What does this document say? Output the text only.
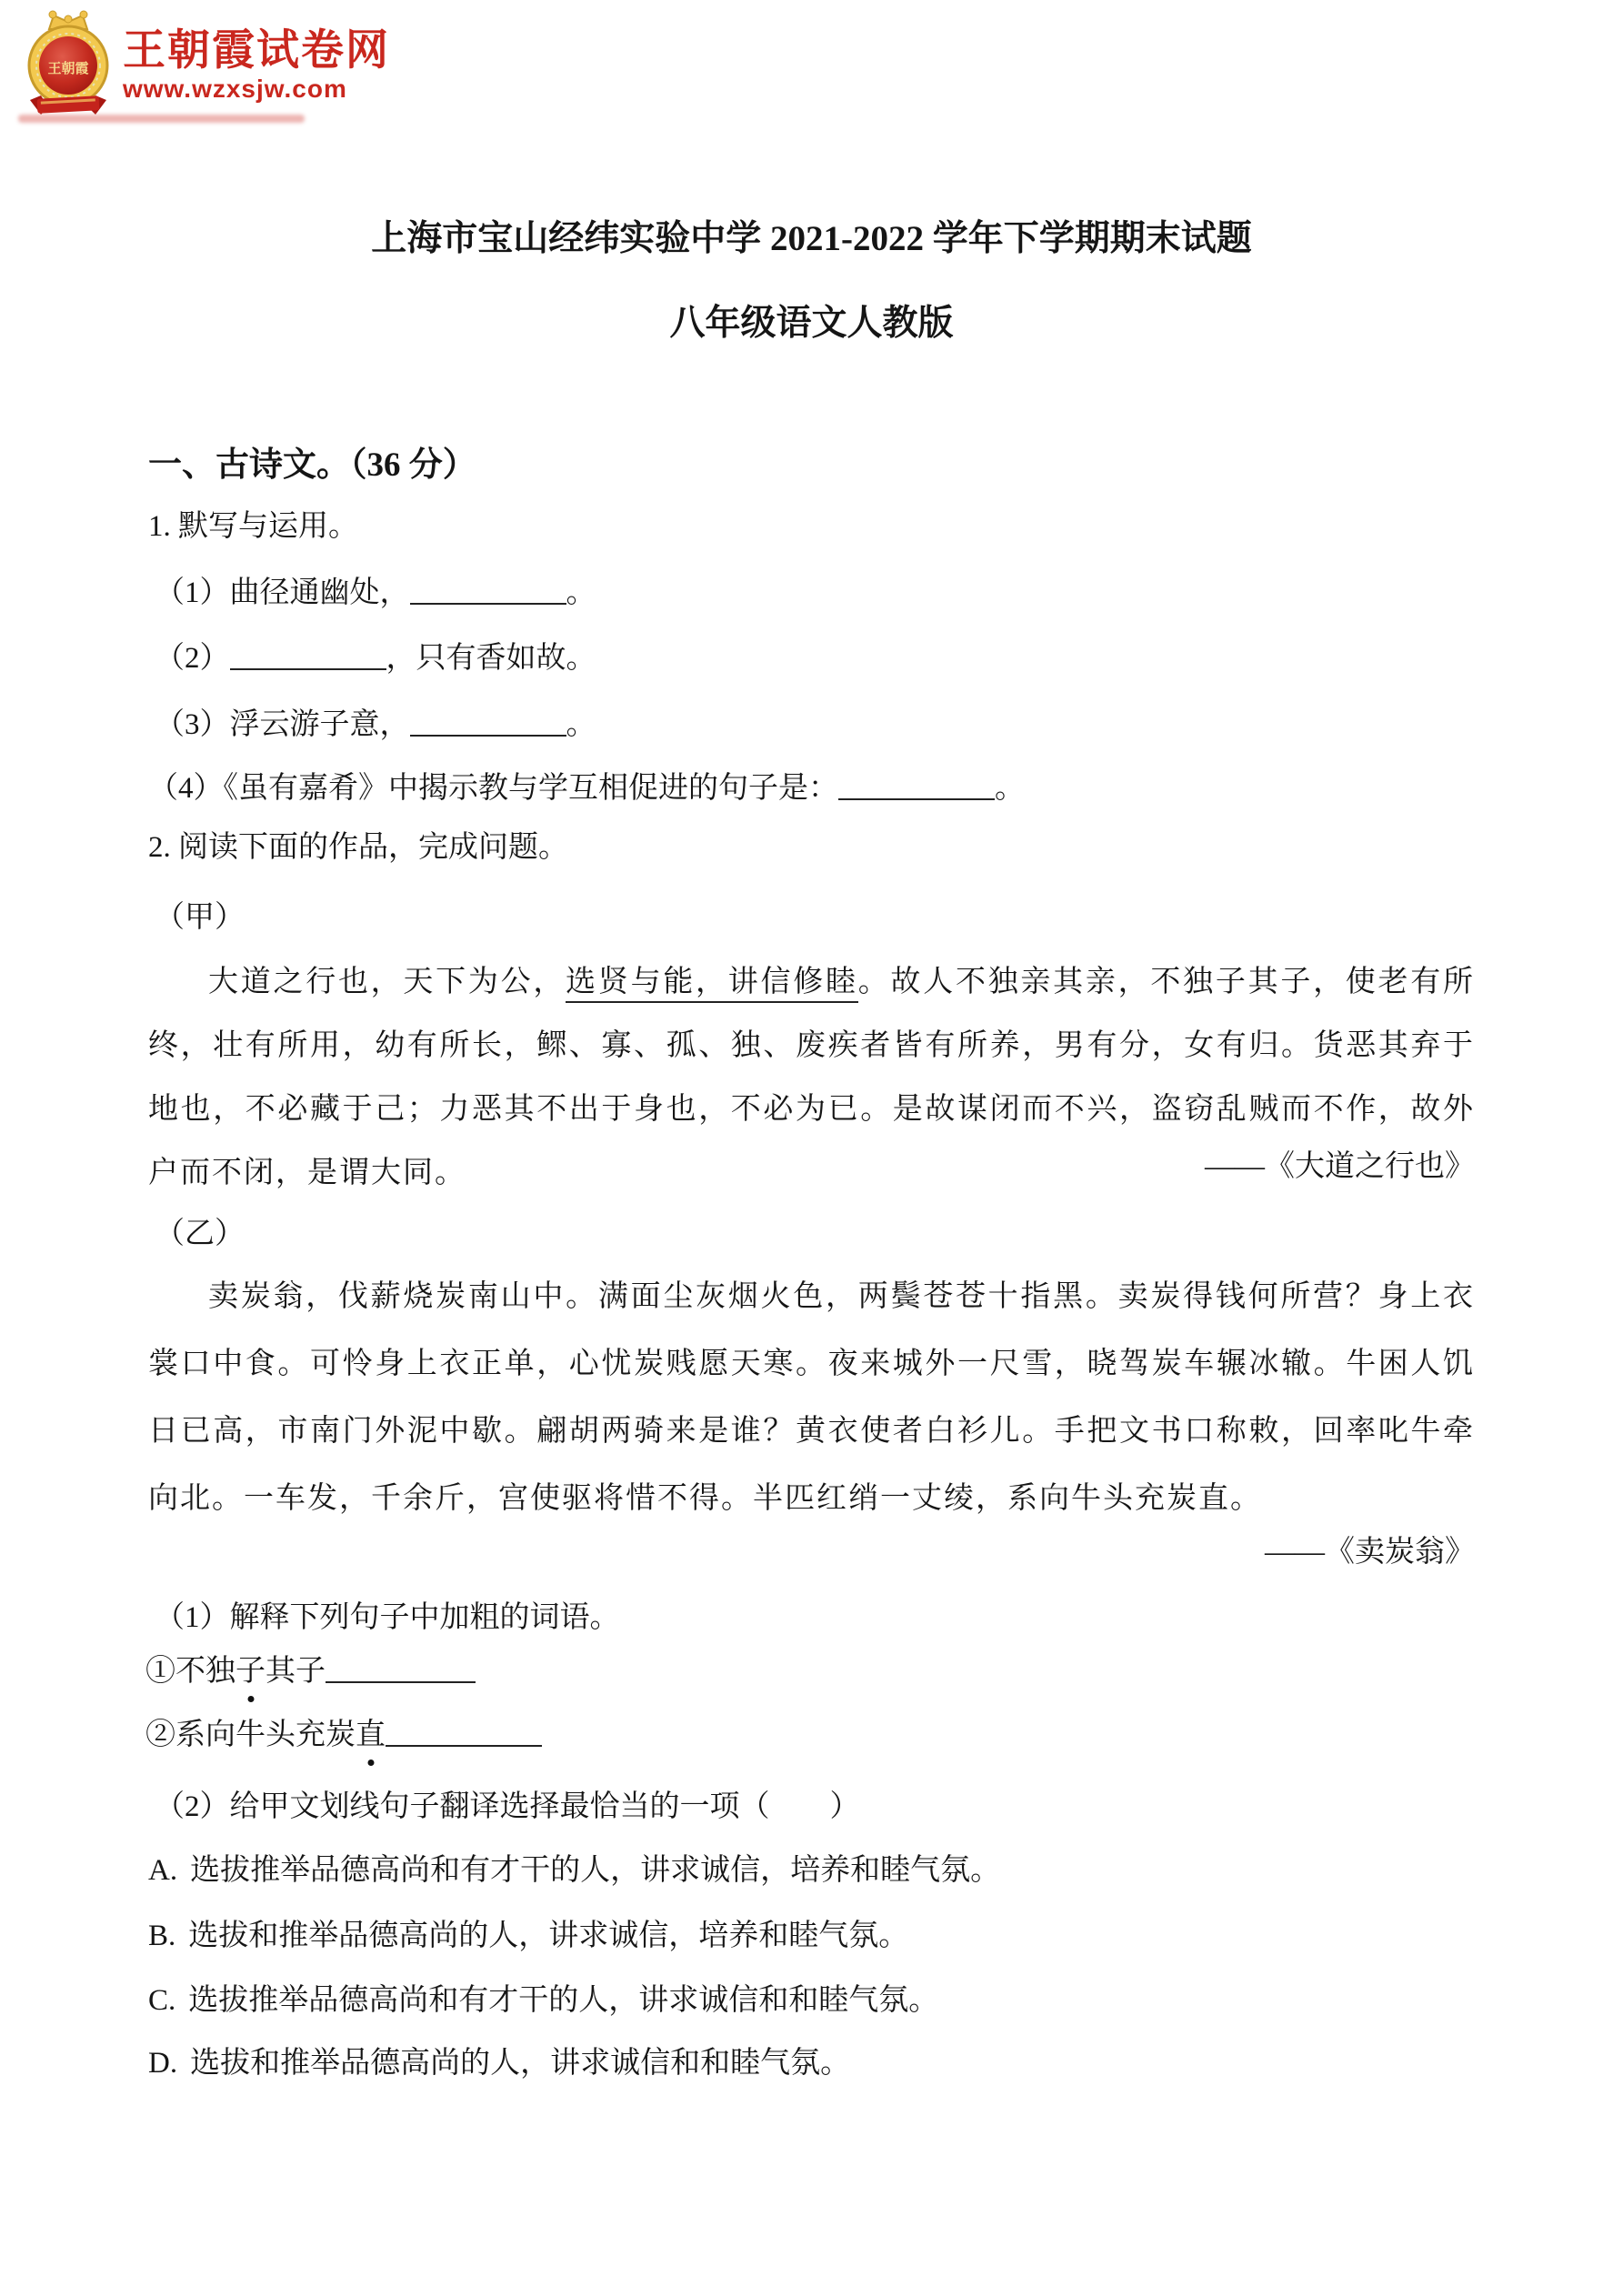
王朝霞 王朝霞试卷网
www.wzxsjw.com
上海市宝山经纬实验中学 2021-2022 学年下学期期末试题
八年级语文人教版
一、古诗文。（36 分）
1. 默写与运用。
（1）曲径通幽处，	。
（2）	，只有香如故。
（3）浮云游子意，	。
（4）《虽有嘉肴》中揭示教与学互相促进的句子是：	。
2. 阅读下面的作品，完成问题。
（甲）
大道之行也，天下为公，选贤与能，讲信修睦。故人不独亲其亲，不独子其子，使老有所终，壮有所用，幼有所长，鳏、寡、孤、独、废疾者皆有所养，男有分，女有归。货恶其弃于地也，不必藏于己；力恶其不出于身也，不必为已。是故谋闭而不兴，盗窃乱贼而不作，故外户而不闭，是谓大同。	——《大道之行也》
（乙）
卖炭翁，伐薪烧炭南山中。满面尘灰烟火色，两鬓苍苍十指黑。卖炭得钱何所营？身上衣裳口中食。可怜身上衣正单，心忧炭贱愿天寒。夜来城外一尺雪，晓驾炭车辗冰辙。牛困人饥日已高，市南门外泥中歇。翩胡两骑来是谁？黄衣使者白衫儿。手把文书口称敕，回率叱牛牵向北。一车发，千余斤，宫使驱将惜不得。半匹红绡一丈绫，系向牛头充炭直。
——《卖炭翁》
（1）解释下列句子中加粗的词语。
①不独子其子
②系向牛头充炭直
（2）给甲文划线句子翻译选择最恰当的一项（　　）
A. 选拔推举品德高尚和有才干的人，讲求诚信，培养和睦气氛。
B. 选拔和推举品德高尚的人，讲求诚信，培养和睦气氛。
C. 选拔推举品德高尚和有才干的人，讲求诚信和和睦气氛。
D. 选拔和推举品德高尚的人，讲求诚信和和睦气氛。
